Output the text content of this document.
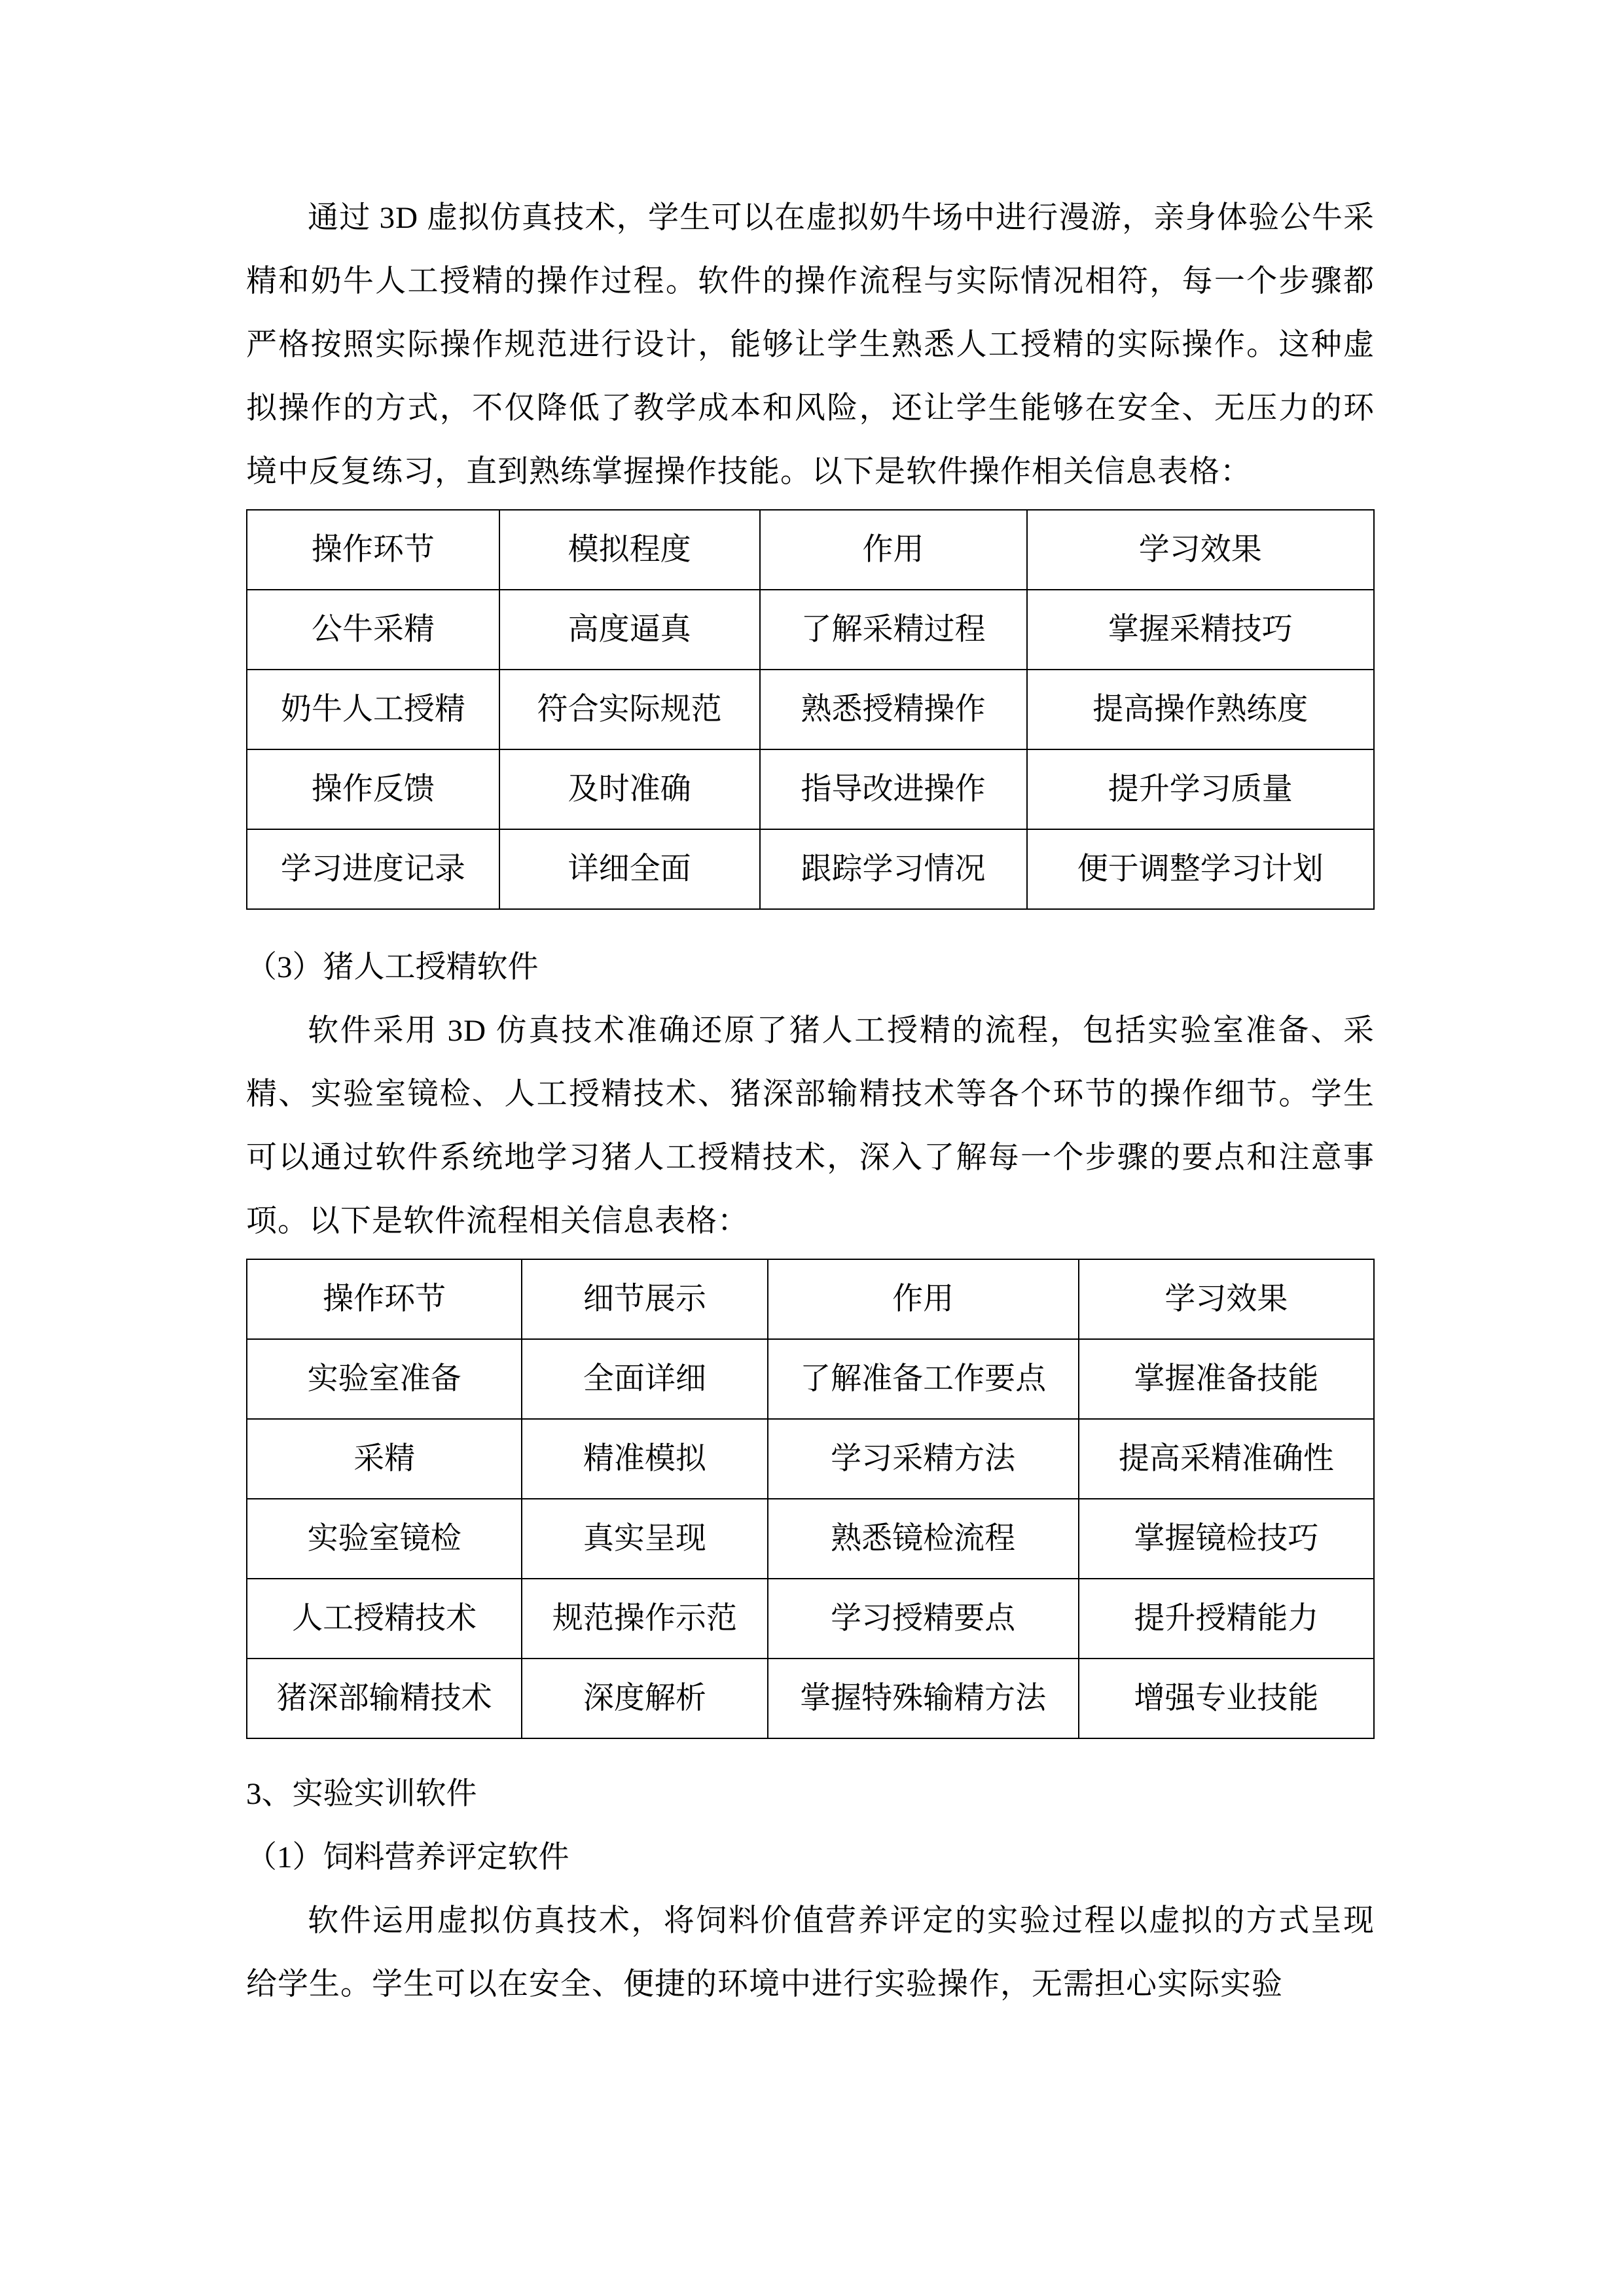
通过 3D 虚拟仿真技术，学生可以在虚拟奶牛场中进行漫游，亲身体验公牛采精和奶牛人工授精的操作过程。软件的操作流程与实际情况相符，每一个步骤都严格按照实际操作规范进行设计，能够让学生熟悉人工授精的实际操作。这种虚拟操作的方式，不仅降低了教学成本和风险，还让学生能够在安全、无压力的环境中反复练习，直到熟练掌握操作技能。以下是软件操作相关信息表格：

操作环节	模拟程度	作用	学习效果
公牛采精	高度逼真	了解采精过程	掌握采精技巧
奶牛人工授精	符合实际规范	熟悉授精操作	提高操作熟练度
操作反馈	及时准确	指导改进操作	提升学习质量
学习进度记录	详细全面	跟踪学习情况	便于调整学习计划

（3）猪人工授精软件

软件采用 3D 仿真技术准确还原了猪人工授精的流程，包括实验室准备、采精、实验室镜检、人工授精技术、猪深部输精技术等各个环节的操作细节。学生可以通过软件系统地学习猪人工授精技术，深入了解每一个步骤的要点和注意事项。以下是软件流程相关信息表格：

操作环节	细节展示	作用	学习效果
实验室准备	全面详细	了解准备工作要点	掌握准备技能
采精	精准模拟	学习采精方法	提高采精准确性
实验室镜检	真实呈现	熟悉镜检流程	掌握镜检技巧
人工授精技术	规范操作示范	学习授精要点	提升授精能力
猪深部输精技术	深度解析	掌握特殊输精方法	增强专业技能

3、实验实训软件

（1）饲料营养评定软件

软件运用虚拟仿真技术，将饲料价值营养评定的实验过程以虚拟的方式呈现给学生。学生可以在安全、便捷的环境中进行实验操作，无需担心实际实验
